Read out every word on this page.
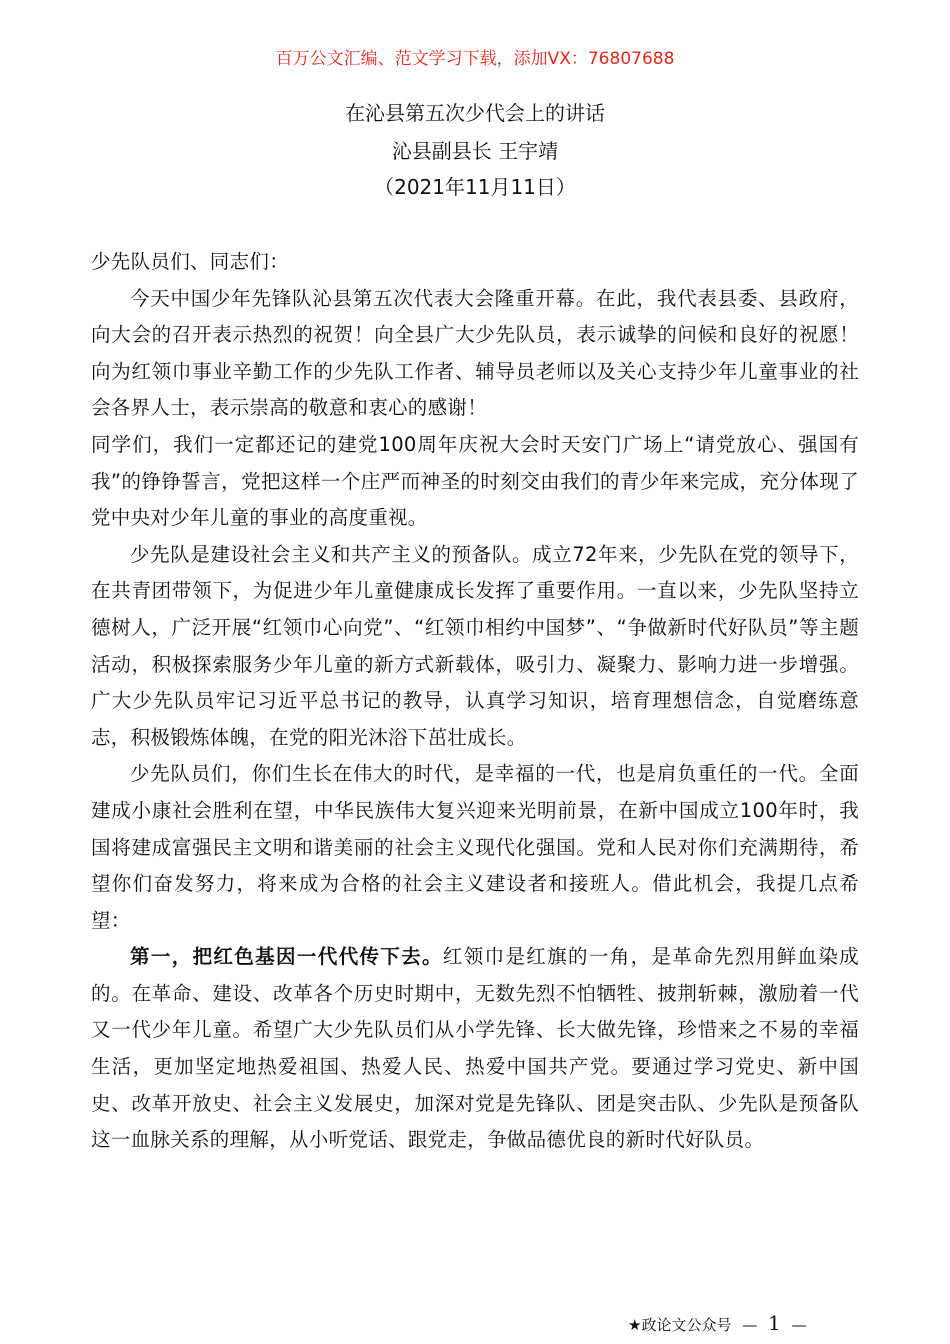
百万公文汇编、范文学习下载，添加VX：76807688
在沁县第五次少代会上的讲话
沁县副县长 王宇靖
（2021年11月11日）

少先队员们、同志们：

今天中国少年先锋队沁县第五次代表大会隆重开幕。在此，我代表县委、县政府，向大会的召开表示热烈的祝贺！向全县广大少先队员，表示诚挚的问候和良好的祝愿！向为红领巾事业辛勤工作的少先队工作者、辅导员老师以及关心支持少年儿童事业的社会各界人士，表示崇高的敬意和衷心的感谢！

同学们，我们一定都还记的建党100周年庆祝大会时天安门广场上“请党放心、强国有我”的铮铮誓言，党把这样一个庄严而神圣的时刻交由我们的青少年来完成，充分体现了党中央对少年儿童的事业的高度重视。

少先队是建设社会主义和共产主义的预备队。成立72年来，少先队在党的领导下，在共青团带领下，为促进少年儿童健康成长发挥了重要作用。一直以来，少先队坚持立德树人，广泛开展“红领巾心向党”、“红领巾相约中国梦”、“争做新时代好队员”等主题活动，积极探索服务少年儿童的新方式新载体，吸引力、凝聚力、影响力进一步增强。广大少先队员牢记习近平总书记的教导，认真学习知识，培育理想信念，自觉磨练意志，积极锻炼体魄，在党的阳光沐浴下茁壮成长。

少先队员们，你们生长在伟大的时代，是幸福的一代，也是肩负重任的一代。全面建成小康社会胜利在望，中华民族伟大复兴迎来光明前景，在新中国成立100年时，我国将建成富强民主文明和谐美丽的社会主义现代化强国。党和人民对你们充满期待，希望你们奋发努力，将来成为合格的社会主义建设者和接班人。借此机会，我提几点希望：

第一，把红色基因一代代传下去。红领巾是红旗的一角，是革命先烈用鲜血染成的。在革命、建设、改革各个历史时期中，无数先烈不怕牺牲、披荆斩棘，激励着一代又一代少年儿童。希望广大少先队员们从小学先锋、长大做先锋，珍惜来之不易的幸福生活，更加坚定地热爱祖国、热爱人民、热爱中国共产党。要通过学习党史、新中国史、改革开放史、社会主义发展史，加深对党是先锋队、团是突击队、少先队是预备队这一血脉关系的理解，从小听党话、跟党走，争做品德优良的新时代好队员。

★政论文公众号 — 1 —
